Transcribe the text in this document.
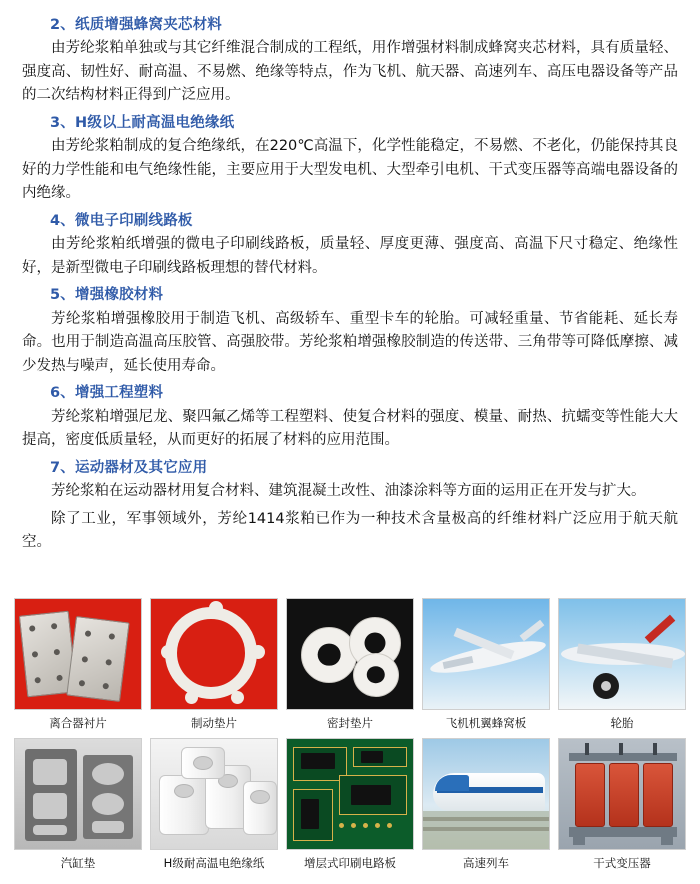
2、纸质增强蜂窝夹芯材料

由芳纶浆粕单独或与其它纤维混合制成的工程纸，用作增强材料制成蜂窝夹芯材料，具有质量轻、强度高、韧性好、耐高温、不易燃、绝缘等特点，作为飞机、航天器、高速列车、高压电器设备等产品的二次结构材料正得到广泛应用。

3、H级以上耐高温电绝缘纸

由芳纶浆粕制成的复合绝缘纸，在220℃高温下，化学性能稳定，不易燃、不老化，仍能保持其良好的力学性能和电气绝缘性能，主要应用于大型发电机、大型牵引电机、干式变压器等高端电器设备的内绝缘。

4、微电子印刷线路板

由芳纶浆粕纸增强的微电子印刷线路板，质量轻、厚度更薄、强度高、高温下尺寸稳定、绝缘性好，是新型微电子印刷线路板理想的替代材料。

5、增强橡胶材料

芳纶浆粕增强橡胶用于制造飞机、高级轿车、重型卡车的轮胎。可减轻重量、节省能耗、延长寿命。也用于制造高温高压胶管、高强胶带。芳纶浆粕增强橡胶制造的传送带、三角带等可降低摩擦、减少发热与噪声，延长使用寿命。

6、增强工程塑料

芳纶浆粕增强尼龙、聚四氟乙烯等工程塑料、使复合材料的强度、模量、耐热、抗蠕变等性能大大提高，密度低质量轻，从而更好的拓展了材料的应用范围。

7、运动器材及其它应用

芳纶浆粕在运动器材用复合材料、建筑混凝土改性、油漆涂料等方面的运用正在开发与扩大。

除了工业，军事领域外，芳纶1414浆粕已作为一种技术含量极高的纤维材料广泛应用于航天航空。

离合器衬片	制动垫片	密封垫片	飞机机翼蜂窝板	轮胎
汽缸垫	H级耐高温电绝缘纸	增层式印刷电路板	高速列车	干式变压器
